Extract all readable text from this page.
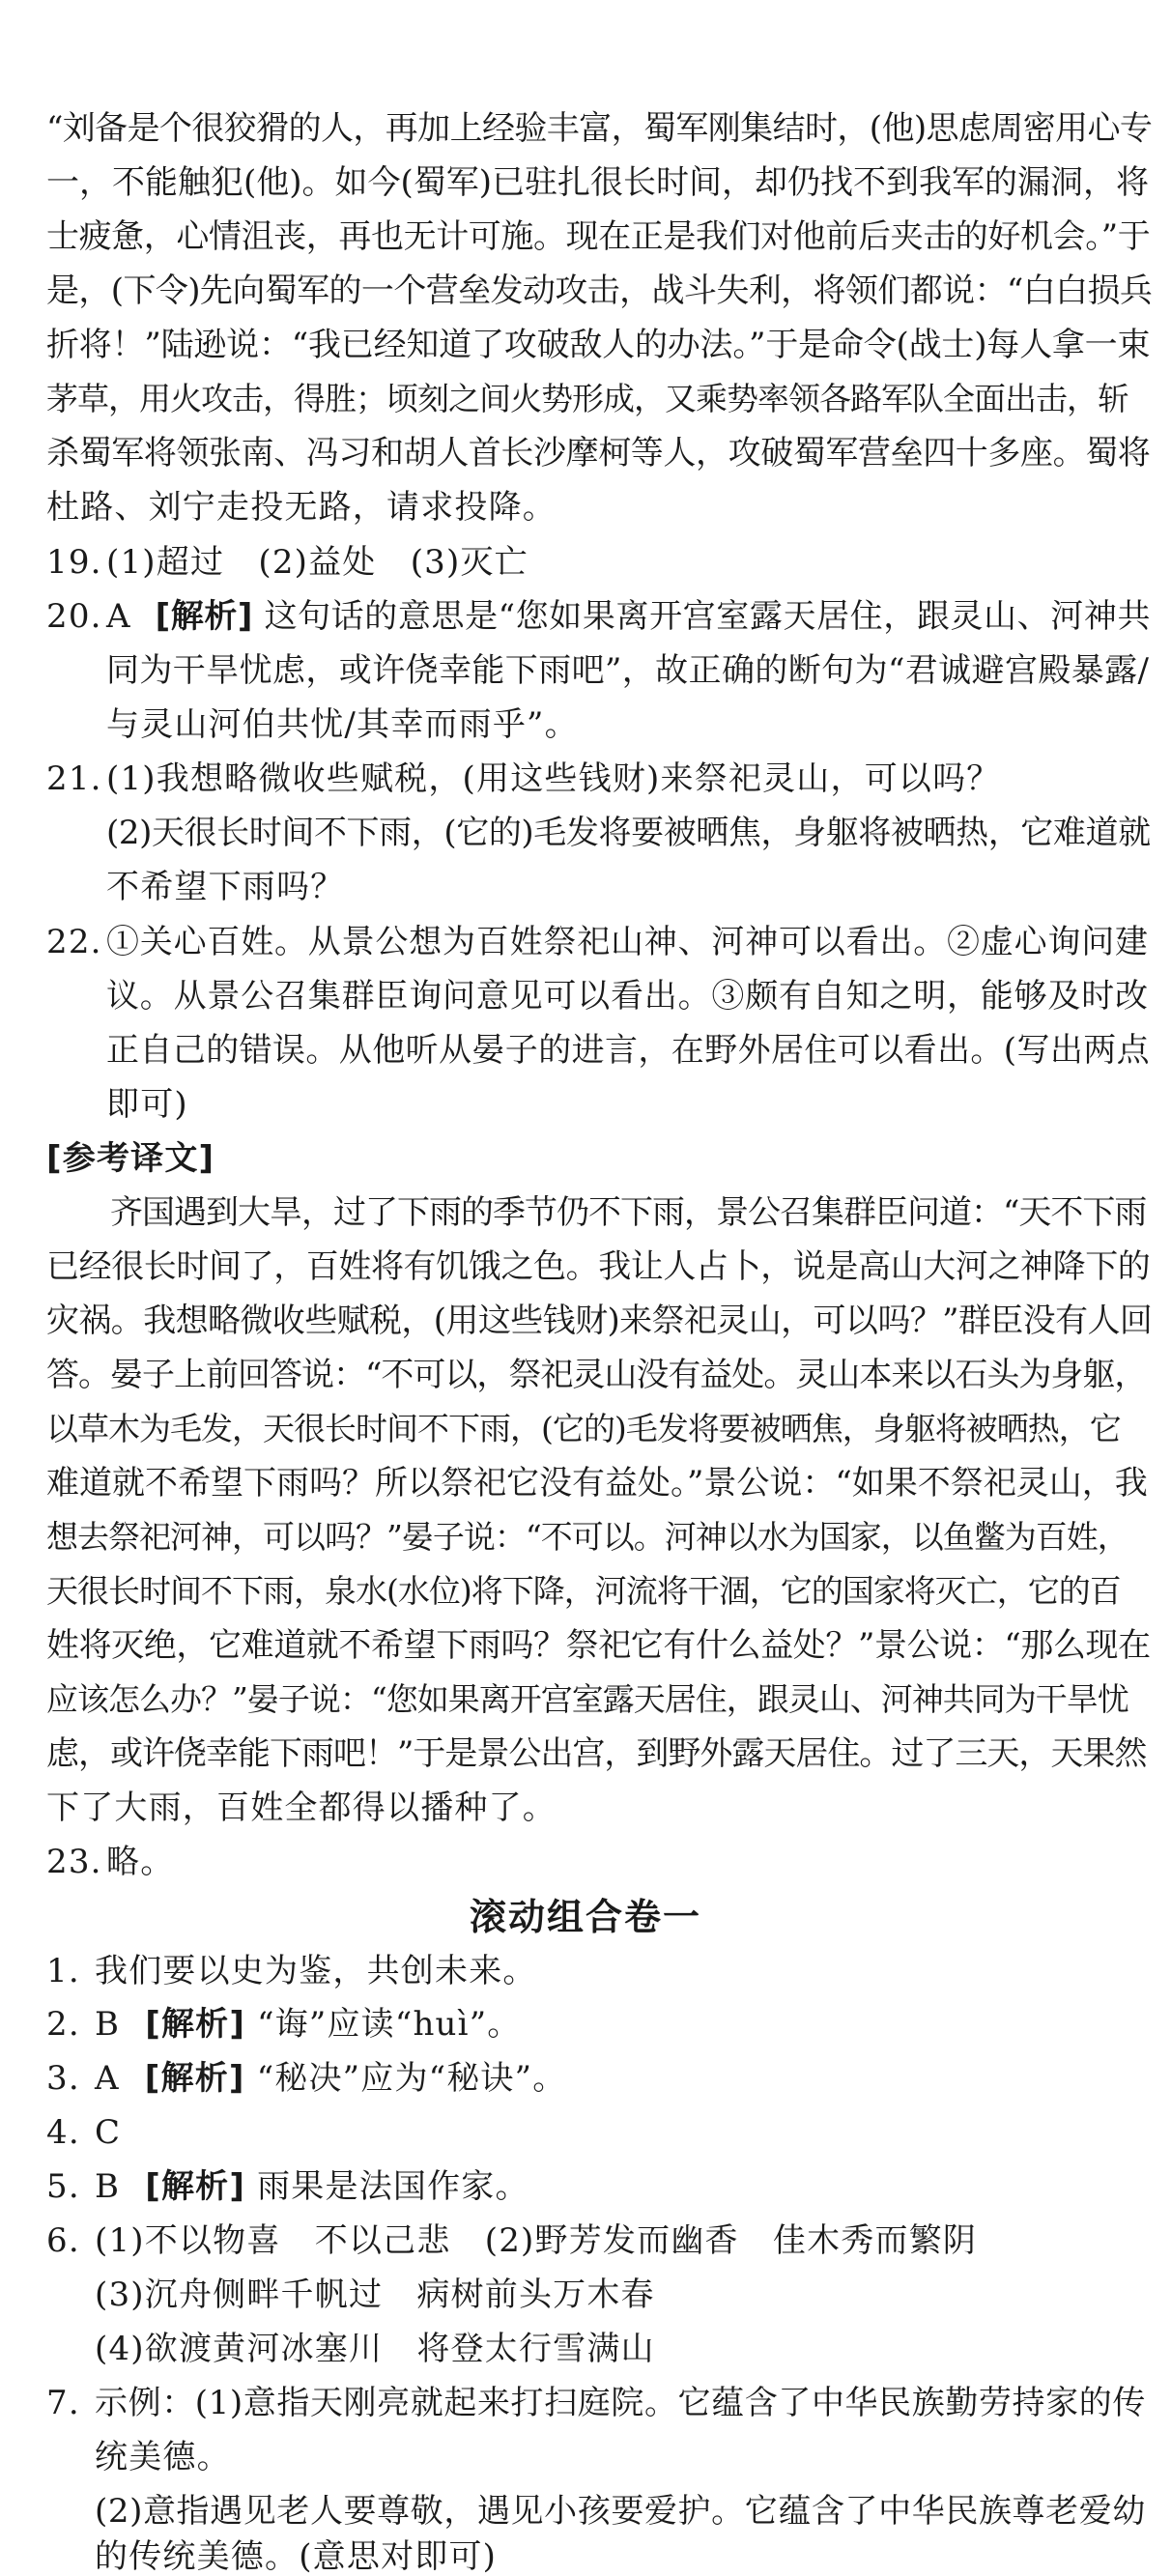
“刘备是个很狡猾的人，再加上经验丰富，蜀军刚集结时，(他)思虑周密用心专
一，不能触犯(他)。如今(蜀军)已驻扎很长时间，却仍找不到我军的漏洞，将
士疲惫，心情沮丧，再也无计可施。现在正是我们对他前后夹击的好机会。”于
是，(下令)先向蜀军的一个营垒发动攻击，战斗失利，将领们都说：“白白损兵
折将！”陆逊说：“我已经知道了攻破敌人的办法。”于是命令(战士)每人拿一束
茅草，用火攻击，得胜；顷刻之间火势形成，又乘势率领各路军队全面出击，斩
杀蜀军将领张南、冯习和胡人首长沙摩柯等人，攻破蜀军营垒四十多座。蜀将
杜路、刘宁走投无路，请求投降。
19. (1)超过　(2)益处　(3)灭亡
20. A [解析] 这句话的意思是“您如果离开宫室露天居住，跟灵山、河神共
同为干旱忧虑，或许侥幸能下雨吧”，故正确的断句为“君诚避宫殿暴露/
与灵山河伯共忧/其幸而雨乎”。
21. (1)我想略微收些赋税，(用这些钱财)来祭祀灵山，可以吗？
(2)天很长时间不下雨，(它的)毛发将要被晒焦，身躯将被晒热，它难道就
不希望下雨吗？
22. ①关心百姓。从景公想为百姓祭祀山神、河神可以看出。②虚心询问建
议。从景公召集群臣询问意见可以看出。③颇有自知之明，能够及时改
正自己的错误。从他听从晏子的进言，在野外居住可以看出。(写出两点
即可)
[参考译文]
　　齐国遇到大旱，过了下雨的季节仍不下雨，景公召集群臣问道：“天不下雨
已经很长时间了，百姓将有饥饿之色。我让人占卜，说是高山大河之神降下的
灾祸。我想略微收些赋税，(用这些钱财)来祭祀灵山，可以吗？”群臣没有人回
答。晏子上前回答说：“不可以，祭祀灵山没有益处。灵山本来以石头为身躯，
以草木为毛发，天很长时间不下雨，(它的)毛发将要被晒焦，身躯将被晒热，它
难道就不希望下雨吗？所以祭祀它没有益处。”景公说：“如果不祭祀灵山，我
想去祭祀河神，可以吗？”晏子说：“不可以。河神以水为国家，以鱼鳖为百姓，
天很长时间不下雨，泉水(水位)将下降，河流将干涸，它的国家将灭亡，它的百
姓将灭绝，它难道就不希望下雨吗？祭祀它有什么益处？”景公说：“那么现在
应该怎么办？”晏子说：“您如果离开宫室露天居住，跟灵山、河神共同为干旱忧
虑，或许侥幸能下雨吧！”于是景公出宫，到野外露天居住。过了三天，天果然
下了大雨，百姓全都得以播种了。
23. 略。
滚动组合卷一
1. 我们要以史为鉴，共创未来。
2. B [解析] “诲”应读“huì”。
3. A [解析] “秘决”应为“秘诀”。
4. C
5. B [解析] 雨果是法国作家。
6. (1)不以物喜　不以己悲　(2)野芳发而幽香　佳木秀而繁阴
(3)沉舟侧畔千帆过　病树前头万木春
(4)欲渡黄河冰塞川　将登太行雪满山
7. 示例：(1)意指天刚亮就起来打扫庭院。它蕴含了中华民族勤劳持家的传
统美德。
(2)意指遇见老人要尊敬，遇见小孩要爱护。它蕴含了中华民族尊老爱幼
的传统美德。(意思对即可)
